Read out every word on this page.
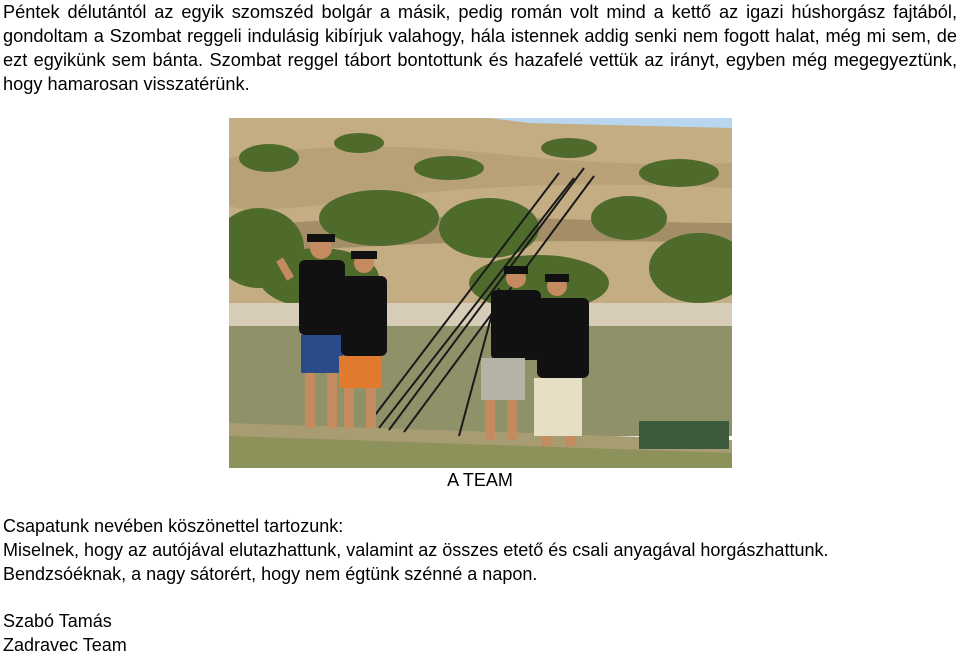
Péntek délutántól az egyik szomszéd bolgár a másik, pedig román volt mind a kettő az igazi húshorgász fajtából, gondoltam a Szombat reggeli indulásig kibírjuk valahogy, hála istennek addig senki nem fogott halat, még mi sem, de ezt egyikünk sem bánta. Szombat reggel tábort bontottunk és hazafelé vettük az irányt, egyben még megegyeztünk, hogy hamarosan visszatérünk.

A TEAM
Csapatunk nevében köszönettel tartozunk:
Miselnek, hogy az autójával elutazhattunk, valamint az összes etető és csali anyagával horgászhattunk.
Bendzsóéknak, a nagy sátorért, hogy nem égtünk szénné a napon.
Szabó Tamás
Zadravec Team
